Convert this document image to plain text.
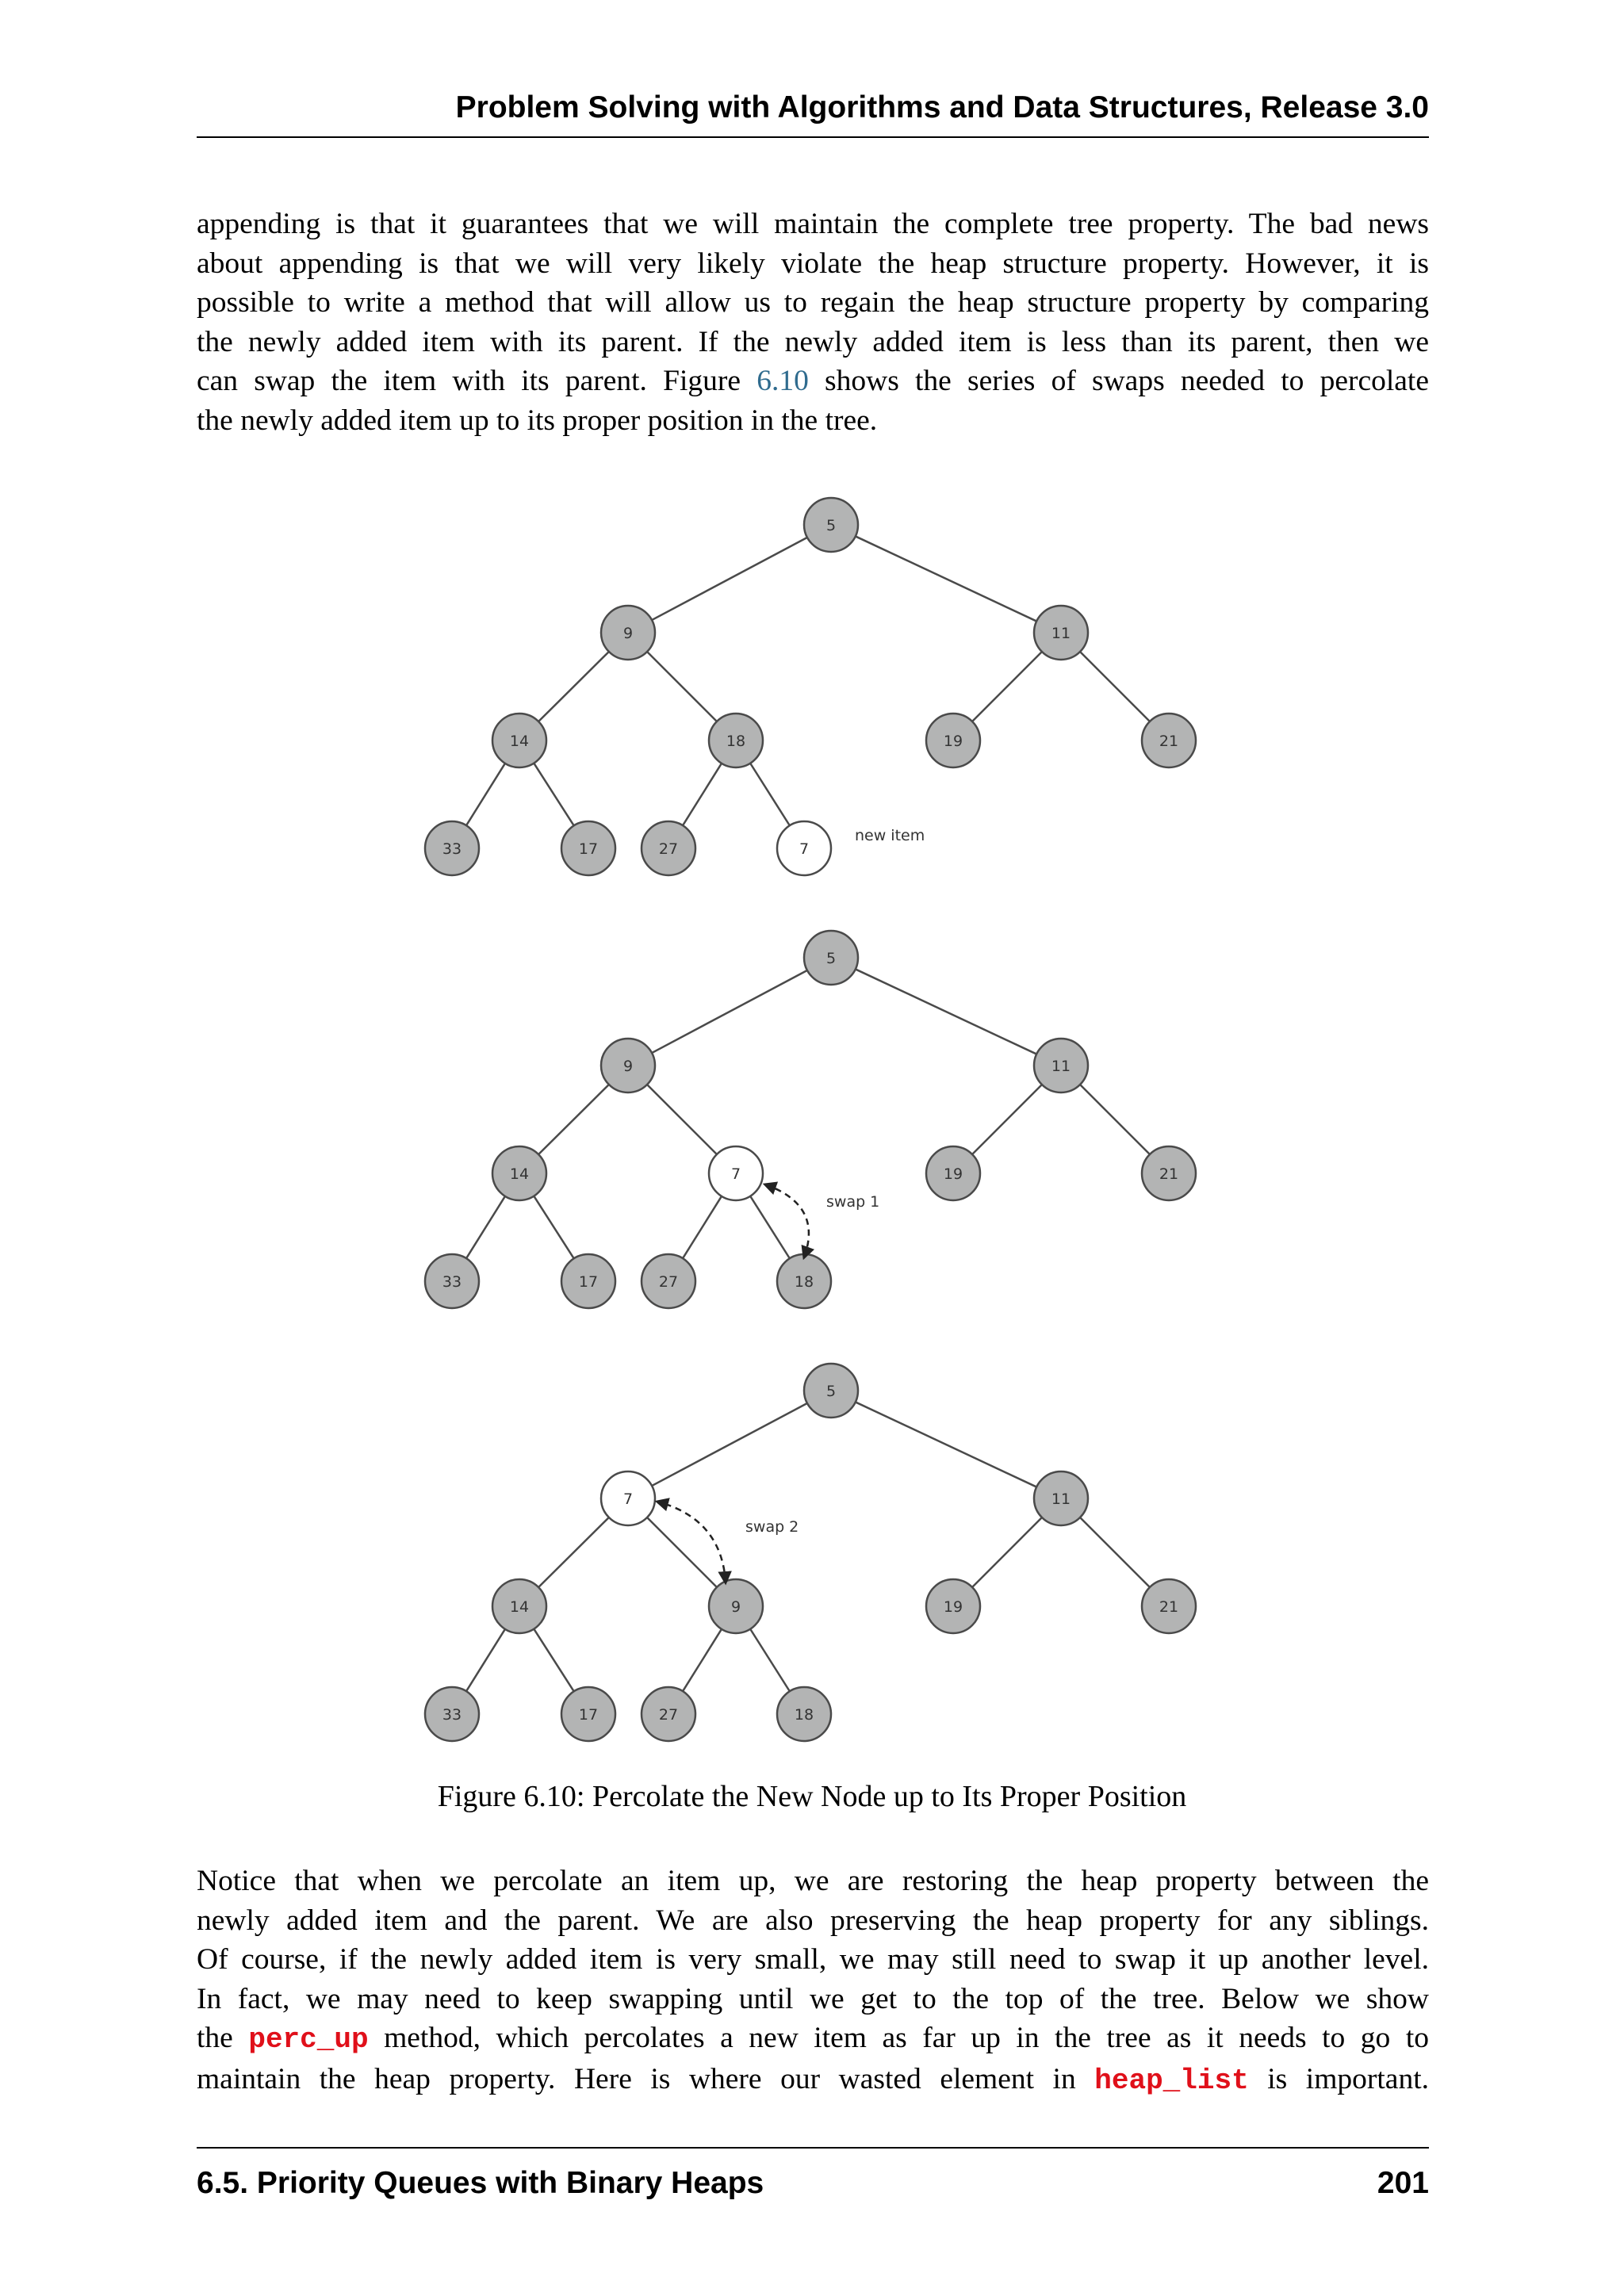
Problem Solving with Algorithms and Data Structures, Release 3.0

appending is that it guarantees that we will maintain the complete tree property. The bad news
about appending is that we will very likely violate the heap structure property. However, it is
possible to write a method that will allow us to regain the heap structure property by comparing
the newly added item with its parent. If the newly added item is less than its parent, then we
can swap the item with its parent. Figure 6.10 shows the series of swaps needed to percolate
the newly added item up to its proper position in the tree.

5
9	11
14	18	19	21
33	17	27	7
new item
5
9	11
14	7	19	21
33	17	27	18
swap 1
5
7	11
14	9	19	21
33	17	27	18
swap 2
Figure 6.10: Percolate the New Node up to Its Proper Position

Notice that when we percolate an item up, we are restoring the heap property between the
newly added item and the parent. We are also preserving the heap property for any siblings.
Of course, if the newly added item is very small, we may still need to swap it up another level.
In fact, we may need to keep swapping until we get to the top of the tree. Below we show
the perc_up method, which percolates a new item as far up in the tree as it needs to go to
maintain the heap property. Here is where our wasted element in heap_list is important.

6.5. Priority Queues with Binary Heaps	201
